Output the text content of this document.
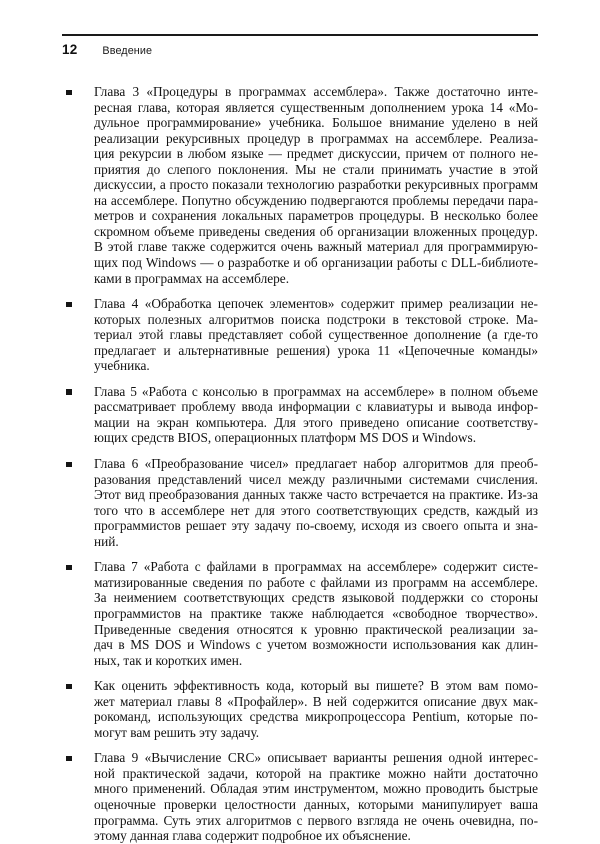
12 Введение
Глава 3 «Процедуры в программах ассемблера». Также достаточно инте-
ресная глава, которая является существенным дополнением урока 14 «Мо-
дульное программирование» учебника. Большое внимание уделено в ней
реализации рекурсивных процедур в программах на ассемблере. Реализа-
ция рекурсии в любом языке — предмет дискуссии, причем от полного не-
приятия до слепого поклонения. Мы не стали принимать участие в этой
дискуссии, а просто показали технологию разработки рекурсивных программ
на ассемблере. Попутно обсуждению подвергаются проблемы передачи пара-
метров и сохранения локальных параметров процедуры. В несколько более
скромном объеме приведены сведения об организации вложенных процедур.
В этой главе также содержится очень важный материал для программирую-
щих под Windows — о разработке и об организации работы с DLL-библиоте-
ками в программах на ассемблере.
Глава 4 «Обработка цепочек элементов» содержит пример реализации не-
которых полезных алгоритмов поиска подстроки в текстовой строке. Ма-
териал этой главы представляет собой существенное дополнение (а где-то
предлагает и альтернативные решения) урока 11 «Цепочечные команды»
учебника.
Глава 5 «Работа с консолью в программах на ассемблере» в полном объеме
рассматривает проблему ввода информации с клавиатуры и вывода инфор-
мации на экран компьютера. Для этого приведено описание соответству-
ющих средств BIOS, операционных платформ MS DOS и Windows.
Глава 6 «Преобразование чисел» предлагает набор алгоритмов для преоб-
разования представлений чисел между различными системами счисления.
Этот вид преобразования данных также часто встречается на практике. Из-за
того что в ассемблере нет для этого соответствующих средств, каждый из
программистов решает эту задачу по-своему, исходя из своего опыта и зна-
ний.
Глава 7 «Работа с файлами в программах на ассемблере» содержит систе-
матизированные сведения по работе с файлами из программ на ассемблере.
За неимением соответствующих средств языковой поддержки со стороны
программистов на практике также наблюдается «свободное творчество».
Приведенные сведения относятся к уровню практической реализации за-
дач в MS DOS и Windows с учетом возможности использования как длин-
ных, так и коротких имен.
Как оценить эффективность кода, который вы пишете? В этом вам помо-
жет материал главы 8 «Профайлер». В ней содержится описание двух мак-
рокоманд, использующих средства микропроцессора Pentium, которые по-
могут вам решить эту задачу.
Глава 9 «Вычисление CRC» описывает варианты решения одной интерес-
ной практической задачи, которой на практике можно найти достаточно
много применений. Обладая этим инструментом, можно проводить быстрые
оценочные проверки целостности данных, которыми манипулирует ваша
программа. Суть этих алгоритмов с первого взгляда не очень очевидна, по-
этому данная глава содержит подробное их объяснение.
